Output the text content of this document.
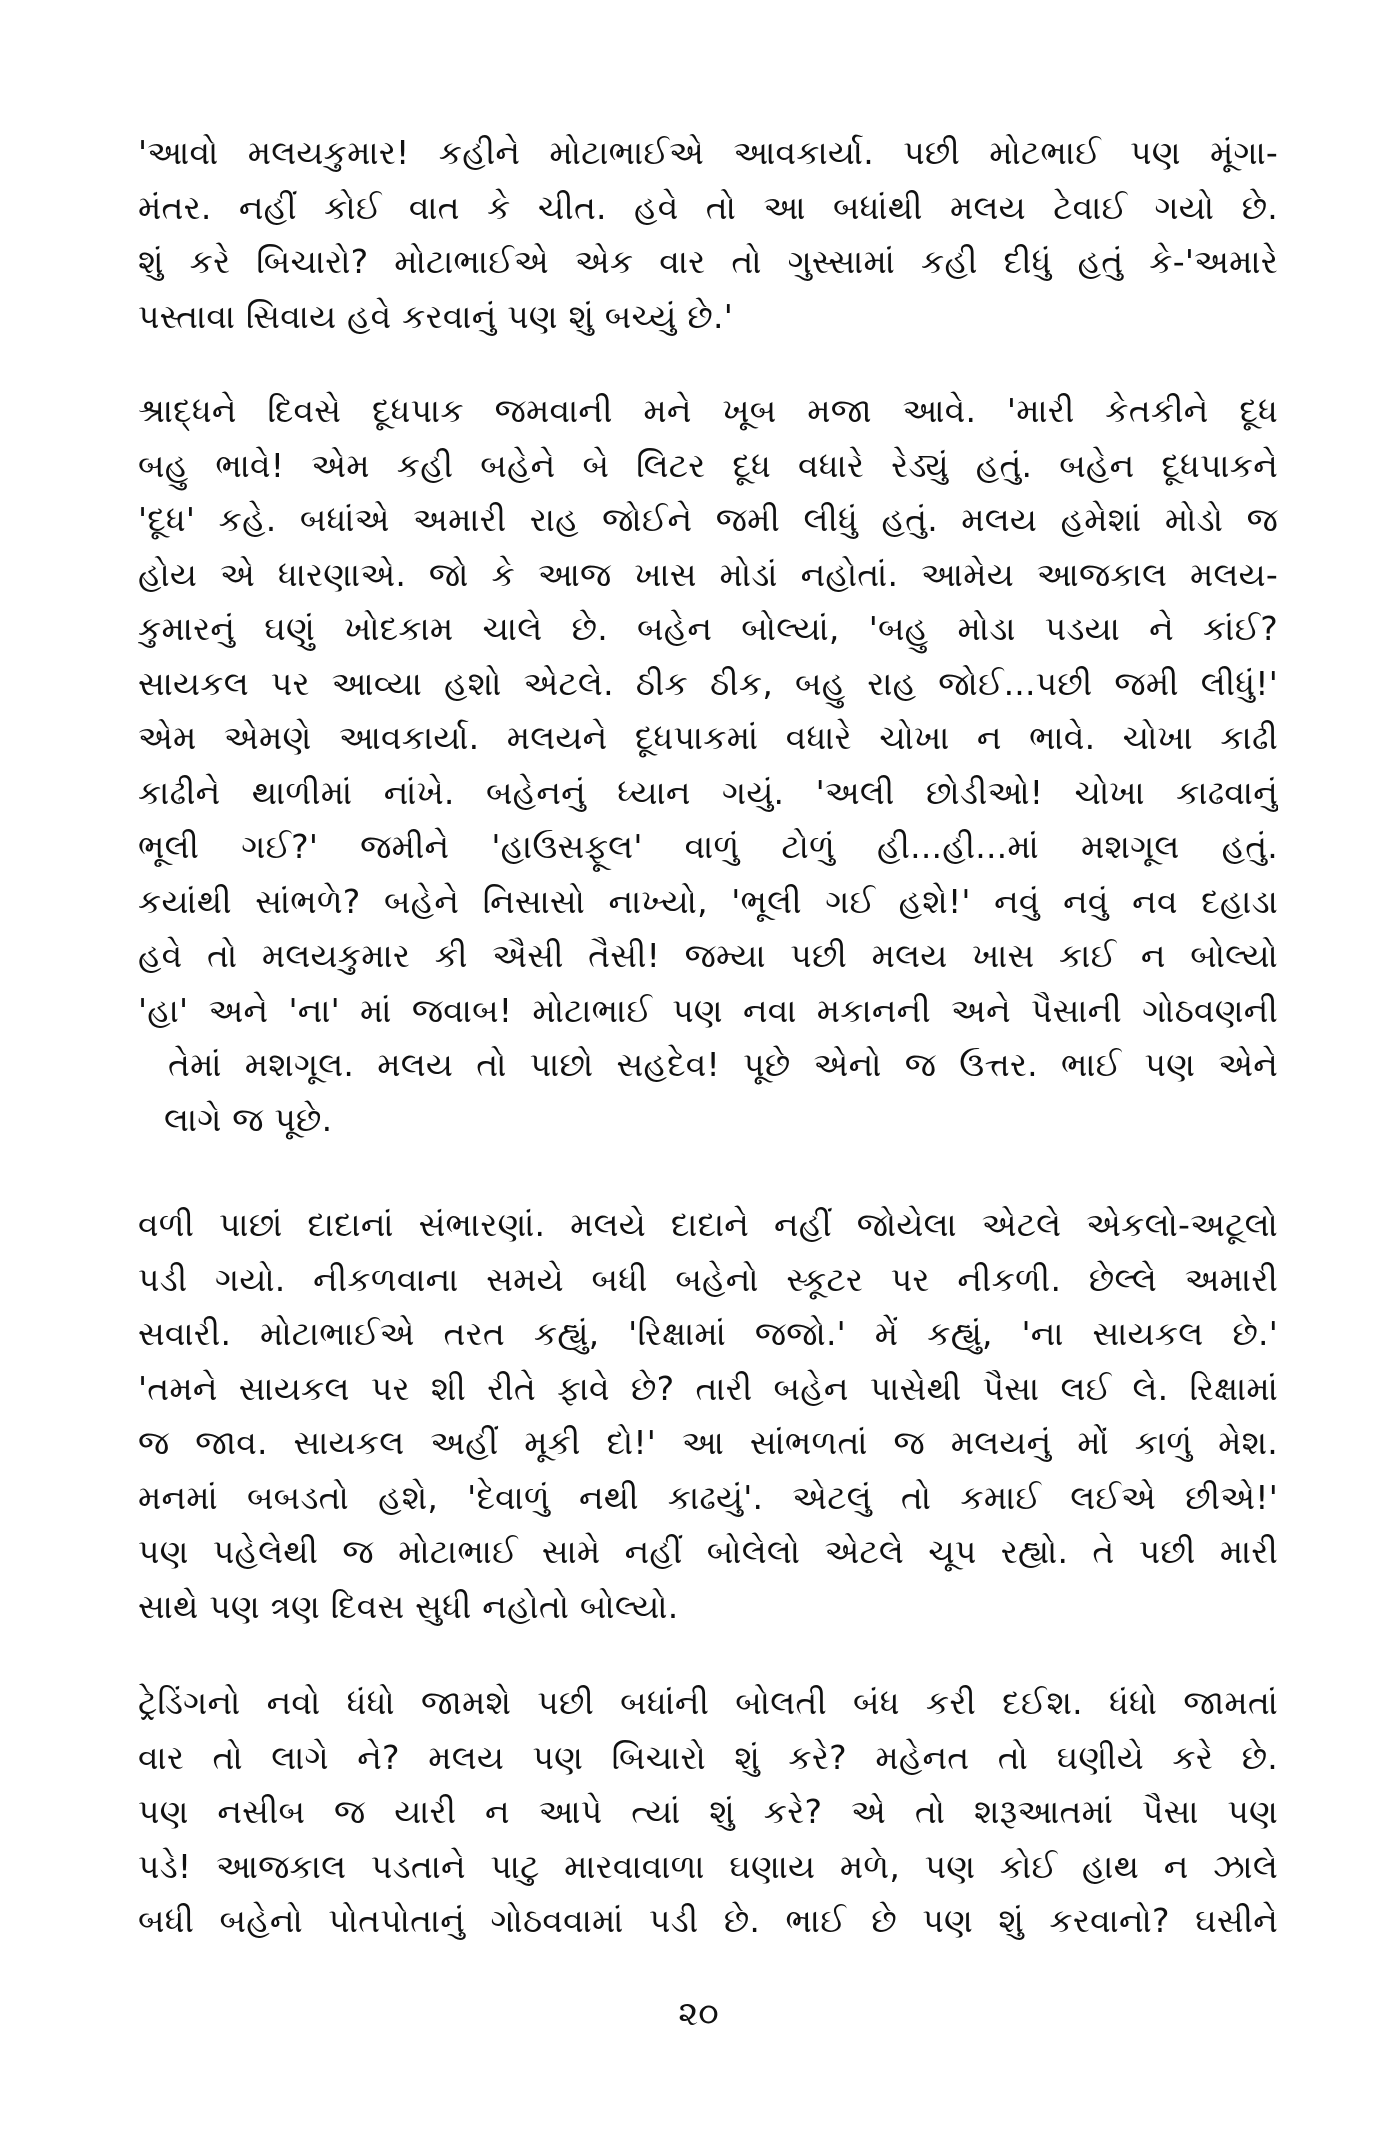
'આવો મલયકુમાર! કહીને મોટાભાઈએ આવકાર્યા. પછી મોટભાઈ પણ મૂંગા-
મંતર. નહીં કોઈ વાત કે ચીત. હવે તો આ બધાંથી મલય ટેવાઈ ગયો છે.
શું કરે બિચારો? મોટાભાઈએ એક વાર તો ગુસ્સામાં કહી દીધું હતું કે-'અમારે
પસ્તાવા સિવાય હવે કરવાનું પણ શું બચ્યું છે.'
શ્રાદ્ધને દિવસે દૂધપાક જમવાની મને ખૂબ મજા આવે. 'મારી કેતકીને દૂધ
બહુ ભાવે! એમ કહી બહેને બે લિટર દૂધ વધારે રેડ્યું હતું. બહેન દૂધપાકને
'દૂધ' કહે. બધાંએ અમારી રાહ જોઈને જમી લીધું હતું. મલય હમેશાં મોડો જ
હોય એ ધારણાએ. જો કે આજ ખાસ મોડાં નહોતાં. આમેય આજકાલ મલય-
કુમારનું ઘણું ખોદકામ ચાલે છે. બહેન બોલ્યાં, 'બહુ મોડા પડયા ને કાંઈ?
સાયકલ પર આવ્યા હશો એટલે. ઠીક ઠીક, બહુ રાહ જોઈ...પછી જમી લીધું!'
એમ એમણે આવકાર્યા. મલયને દૂધપાકમાં વધારે ચોખા ન ભાવે. ચોખા કાઢી
કાઢીને થાળીમાં નાંખે. બહેનનું ધ્યાન ગયું. 'અલી છોડીઓ! ચોખા કાઢવાનું
ભૂલી ગઈ?' જમીને 'હાઉસફૂલ' વાળું ટોળું હી...હી...માં મશગૂલ હતું.
કયાંથી સાંભળે? બહેને નિસાસો નાખ્યો, 'ભૂલી ગઈ હશે!' નવું નવું નવ દહાડા
હવે તો મલયકુમાર કી ઐસી તૈસી! જમ્યા પછી મલય ખાસ કાઈ ન બોલ્યો
'હા' અને 'ના' માં જવાબ! મોટાભાઈ પણ નવા મકાનની અને પૈસાની ગોઠવણની
તેમાં મશગૂલ. મલય તો પાછો સહદેવ! પૂછે એનો જ ઉત્તર. ભાઈ પણ એને
લાગે જ પૂછે.
વળી પાછાં દાદાનાં સંભારણાં. મલયે દાદાને નહીં જોયેલા એટલે એકલો-અટૂલો
પડી ગયો. નીકળવાના સમયે બધી બહેનો સ્કૂટર પર નીકળી. છેલ્લે અમારી
સવારી. મોટાભાઈએ તરત કહ્યું, 'રિક્ષામાં જજો.' મેં કહ્યું, 'ના સાયકલ છે.'
'તમને સાયકલ પર શી રીતે ફાવે છે? તારી બહેન પાસેથી પૈસા લઈ લે. રિક્ષામાં
જ જાવ. સાયકલ અહીં મૂકી દો!' આ સાંભળતાં જ મલયનું મોં કાળું મેશ.
મનમાં બબડતો હશે, 'દેવાળું નથી કાઢયું'. એટલું તો કમાઈ લઈએ છીએ!'
પણ પહેલેથી જ મોટાભાઈ સામે નહીં બોલેલો એટલે ચૂપ રહ્યો. તે પછી મારી
સાથે પણ ત્રણ દિવસ સુધી નહોતો બોલ્યો.
ટ્રેડિંગનો નવો ધંધો જામશે પછી બધાંની બોલતી બંધ કરી દઈશ. ધંધો જામતાં
વાર તો લાગે ને? મલય પણ બિચારો શું કરે? મહેનત તો ઘણીયે કરે છે.
પણ નસીબ જ યારી ન આપે ત્યાં શું કરે? એ તો શરૂઆતમાં પૈસા પણ
પડે! આજકાલ પડતાને પાટુ મારવાવાળા ઘણાય મળે, પણ કોઈ હાથ ન ઝાલે
બધી બહેનો પોતપોતાનું ગોઠવવામાં પડી છે. ભાઈ છે પણ શું કરવાનો? ઘસીને
૨૦
